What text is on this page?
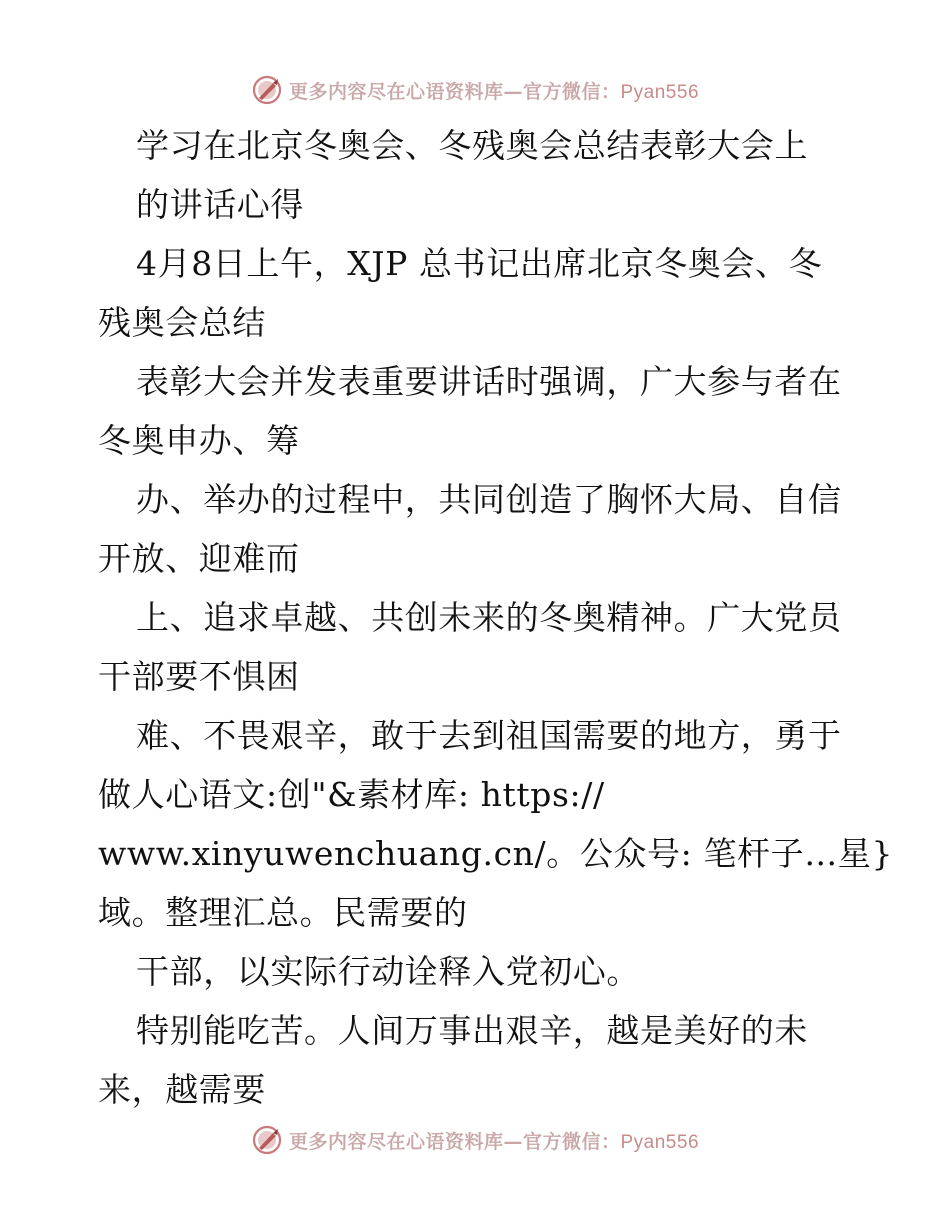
更多内容尽在心语资料库—官方微信：Pyan556
学习在北京冬奥会、冬残奥会总结表彰大会上
的讲话心得
4月8日上午，XJP 总书记出席北京冬奥会、冬
残奥会总结
表彰大会并发表重要讲话时强调，广大参与者在
冬奥申办、筹
办、举办的过程中，共同创造了胸怀大局、自信
开放、迎难而
上、追求卓越、共创未来的冬奥精神。广大党员
干部要不惧困
难、不畏艰辛，敢于去到祖国需要的地方，勇于
做人心语文:创"&素材库: https://
www.xinyuwenchuang.cn/。公众号: 笔杆子…星}
域。整理汇总。民需要的
干部，以实际行动诠释入党初心。
特别能吃苦。人间万事出艰辛，越是美好的未
来，越需要
更多内容尽在心语资料库—官方微信：Pyan556
